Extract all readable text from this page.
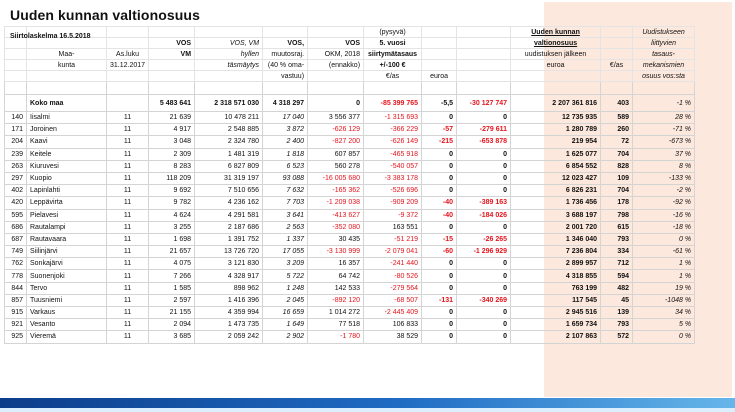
							(pysyvä)			Uuden kunnan		Uudistukseen
			VOS	VOS, VM	VOS,	VOS	5. vuosi			valtionosuus		liittyvien
	Maa-	As.luku	VM	hyllen	muutosraj.	OKM, 2018	siirtymätasaus			uudistuksen jälkeen		tasaus-
	kunta	31.12.2017		täsmäytys	(40 % omа-	(ennakko)	+/-100 €			euroa	€/as	mekanismien
					vastuu)		€/as	euroa				osuus vos:sta

	Koko maa		5 483 641	2 318 571 030	4 318 297	0	-85 399 765	-5,5	-30 127 747	2 207 361 816	403	-1 %
140	Iisalmi	11	21 639	10 478 211	17 040	3 556 377	-1 315 693	0	0	12 735 935	589	28 %
171	Joroinen	11	4 917	2 548 885	3 872	-626 129	-366 229	-57	-279 611	1 280 789	260	-71 %
204	Kaavi	11	3 048	2 324 780	2 400	-827 200	-626 149	-215	-653 878	219 954	72	-673 %
239	Keitele	11	2 309	1 481 319	1 818	607 857	-465 918	0	0	1 625 077	704	37 %
263	Kiuruvesi	11	8 283	6 827 809	6 523	560 278	-540 057	0	0	6 854 552	828	8 %
297	Kuopio	11	118 209	31 319 197	93 088	-16 005 680	-3 383 178	0	0	12 023 427	109	-133 %
402	Lapinlahti	11	9 692	7 510 656	7 632	-165 362	-526 696	0	0	6 826 231	704	-2 %
420	Leppävirta	11	9 782	4 236 162	7 703	-1 209 038	-909 209	-40	-389 163	1 736 456	178	-92 %
595	Pielavesi	11	4 624	4 291 581	3 641	-413 627	-9 372	-40	-184 026	3 688 197	798	-16 %
686	Rautalampi	11	3 255	2 187 686	2 563	-352 080	163 551	0	0	2 001 720	615	-18 %
687	Rautavaara	11	1 698	1 391 752	1 337	30 435	-51 219	-15	-26 265	1 346 040	793	0 %
749	Siilinjärvi	11	21 657	13 726 720	17 055	-3 130 999	-2 079 041	-60	-1 296 929	7 236 804	334	-61 %
762	Sonkajärvi	11	4 075	3 121 830	3 209	16 357	-241 440	0	0	2 899 957	712	1 %
778	Suonenjoki	11	7 266	4 328 917	5 722	64 742	-80 526	0	0	4 318 855	594	1 %
844	Tervo	11	1 585	898 962	1 248	142 533	-279 564	0	0	763 199	482	19 %
857	Tuusniemi	11	2 597	1 416 396	2 045	-892 120	-68 507	-131	-340 269	117 545	45	-1048 %
915	Varkaus	11	21 155	4 359 994	16 659	1 014 272	-2 445 409	0	0	2 945 516	139	34 %
921	Vesanto	11	2 094	1 473 735	1 649	77 518	106 833	0	0	1 659 734	793	5 %
925	Vieremä	11	3 685	2 059 242	2 902	-1 780	38 529	0	0	2 107 863	572	0 %
Uuden kunnan valtionosuus
Siirtolaskelma 16.5.2018
